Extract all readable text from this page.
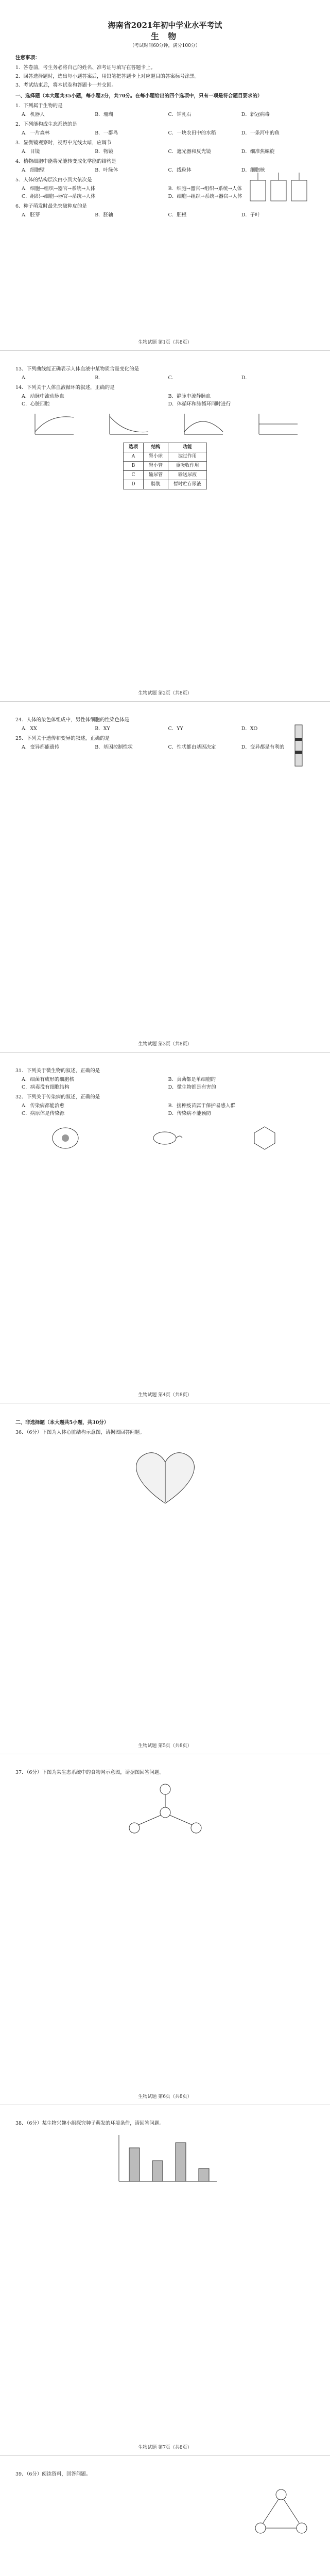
海南省2021年初中学业水平考试
生 物
（考试时间60分钟，满分100分）
注意事项：

1．答卷前，考生务必将自己的姓名、准考证号填写在答题卡上。

2．回答选择题时，选出每小题答案后，用铅笔把答题卡上对应题目的答案标号涂黑。

3．考试结束后，将本试卷和答题卡一并交回。

一、选择题（本大题共35小题，每小题2分，共70分。在每小题给出的四个选项中，只有一项是符合题目要求的）
1．下列属于生物的是
A．机器人	B．珊瑚	C．钟乳石	D．新冠病毒
2．下列能构成生态系统的是
A．一片森林	B．一群鸟	C．一块农田中的水稻	D．一条河中的鱼
3．显微镜观察时，视野中光线太暗，应调节
A．目镜	B．物镜	C．遮光器和反光镜	D．细准焦螺旋
4．植物细胞中能将光能转变成化学能的结构是
A．细胞壁	B．叶绿体	C．线粒体	D．细胞核
5．人体的结构层次由小到大依次是
A．细胞→组织→器官→系统→人体	B．细胞→器官→组织→系统→人体
C．组织→细胞→器官→系统→人体	D．细胞→组织→系统→器官→人体
6．种子萌发时最先突破种皮的是
A．胚芽	B．胚轴	C．胚根	D．子叶
生物试题 第1页（共8页）
13．下列曲线能正确表示人体血液中某物质含量变化的是
A．	B．	C．	D．
14．下列关于人体血液循环的叙述，正确的是
A．动脉中流动脉血	B．静脉中流静脉血
C．心脏四腔	D．体循环和肺循环同时进行
选项	结构	功能
A	肾小球	滤过作用
B	肾小管	重吸收作用
C	输尿管	输送尿液
D	膀胱	暂时贮存尿液
生物试题 第2页（共8页）
24．人体的染色体组成中，男性体细胞的性染色体是
A．XX	B．XY	C．YY	D．XO
25．下列关于遗传和变异的叙述，正确的是
A．变异都能遗传	B．基因控制性状	C．性状都由基因决定	D．变异都是有利的
生物试题 第3页（共8页）
31．下列关于微生物的叙述，正确的是
A．细菌有成形的细胞核	B．真菌都是单细胞的
C．病毒没有细胞结构	D．微生物都是有害的
32．下列关于传染病的叙述，正确的是
A．传染病都能治愈	B．接种疫苗属于保护易感人群
C．病原体是传染源	D．传染病不能预防
生物试题 第4页（共8页）
二、非选择题（本大题共5小题，共30分）
36．（6分）下图为人体心脏结构示意图，请据图回答问题。
生物试题 第5页（共8页）
37．（6分）下图为某生态系统中的食物网示意图，请据图回答问题。
生物试题 第6页（共8页）
38．（6分）某生物兴趣小组探究种子萌发的环境条件，请回答问题。
生物试题 第7页（共8页）
39．（6分）阅读资料，回答问题。
